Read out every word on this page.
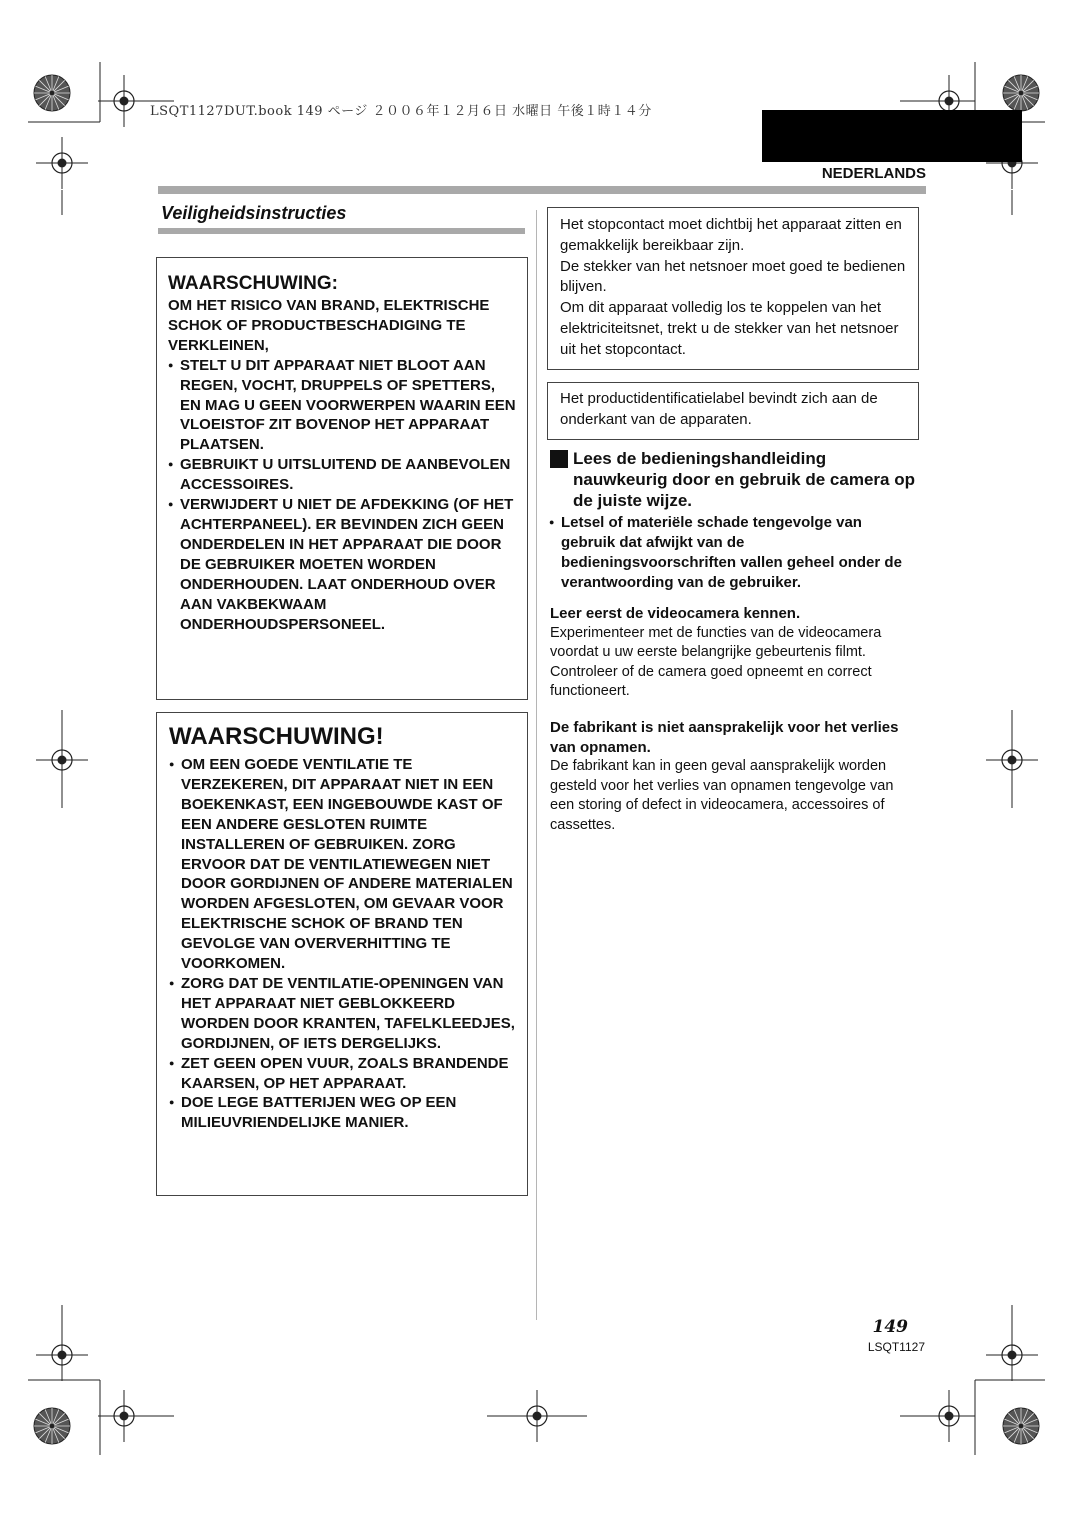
LSQT1127DUT.book 149 ページ ２００６年１２月６日 水曜日 午後１時１４分
NEDERLANDS
Veiligheidsinstructies
WAARSCHUWING:
OM HET RISICO VAN BRAND, ELEKTRISCHE SCHOK OF PRODUCTBESCHADIGING TE VERKLEINEN,
● STELT U DIT APPARAAT NIET BLOOT AAN REGEN, VOCHT, DRUPPELS OF SPETTERS, EN MAG U GEEN VOORWERPEN WAARIN EEN VLOEISTOF ZIT BOVENOP HET APPARAAT PLAATSEN.
● GEBRUIKT U UITSLUITEND DE AANBEVOLEN ACCESSOIRES.
● VERWIJDERT U NIET DE AFDEKKING (OF HET ACHTERPANEEL). ER BEVINDEN ZICH GEEN ONDERDELEN IN HET APPARAAT DIE DOOR DE GEBRUIKER MOETEN WORDEN ONDERHOUDEN. LAAT ONDERHOUD OVER AAN VAKBEKWAAM ONDERHOUDSPERSONEEL.
WAARSCHUWING!
● OM EEN GOEDE VENTILATIE TE VERZEKEREN, DIT APPARAAT NIET IN EEN BOEKENKAST, EEN INGEBOUWDE KAST OF EEN ANDERE GESLOTEN RUIMTE INSTALLEREN OF GEBRUIKEN. ZORG ERVOOR DAT DE VENTILATIEWEGEN NIET DOOR GORDIJNEN OF ANDERE MATERIALEN WORDEN AFGESLOTEN, OM GEVAAR VOOR ELEKTRISCHE SCHOK OF BRAND TEN GEVOLGE VAN OVERVERHITTING TE VOORKOMEN.
● ZORG DAT DE VENTILATIE-OPENINGEN VAN HET APPARAAT NIET GEBLOKKEERD WORDEN DOOR KRANTEN, TAFELKLEEDJES, GORDIJNEN, OF IETS DERGELIJKS.
● ZET GEEN OPEN VUUR, ZOALS BRANDENDE KAARSEN, OP HET APPARAAT.
● DOE LEGE BATTERIJEN WEG OP EEN MILIEUVRIENDELIJKE MANIER.
Het stopcontact moet dichtbij het apparaat zitten en gemakkelijk bereikbaar zijn.
De stekker van het netsnoer moet goed te bedienen blijven.
Om dit apparaat volledig los te koppelen van het elektriciteitsnet, trekt u de stekker van het netsnoer uit het stopcontact.
Het productidentificatielabel bevindt zich aan de onderkant van de apparaten.
Lees de bedieningshandleiding nauwkeurig door en gebruik de camera op de juiste wijze.
● Letsel of materiële schade tengevolge van gebruik dat afwijkt van de bedieningsvoorschriften vallen geheel onder de verantwoording van de gebruiker.
Leer eerst de videocamera kennen.
Experimenteer met de functies van de videocamera voordat u uw eerste belangrijke gebeurtenis filmt. Controleer of de camera goed opneemt en correct functioneert.
De fabrikant is niet aansprakelijk voor het verlies van opnamen.
De fabrikant kan in geen geval aansprakelijk worden gesteld voor het verlies van opnamen tengevolge van een storing of defect in videocamera, accessoires of cassettes.
149
LSQT1127
